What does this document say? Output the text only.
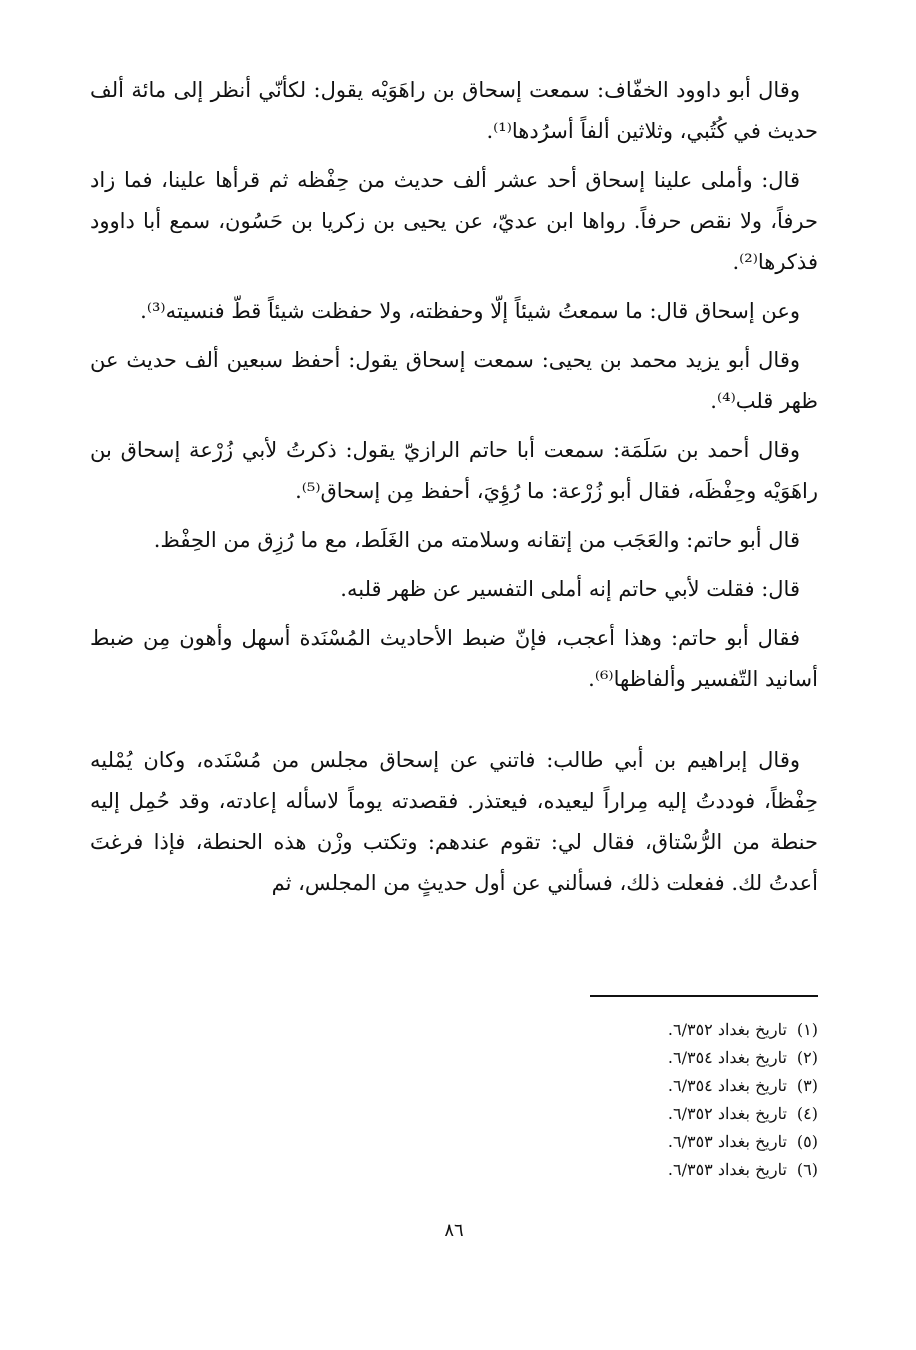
وقال أبو داوود الخفّاف: سمعت إسحاق بن راهَوَيْه يقول: لكأنّي أنظر إلى مائة ألف حديث في كُتُبي، وثلاثين ألفاً أسرُدها⁽¹⁾.

قال: وأملى علينا إسحاق أحد عشر ألف حديث من حِفْظه ثم قرأها علينا، فما زاد حرفاً، ولا نقص حرفاً. رواها ابن عديّ، عن يحيى بن زكريا بن حَسُون، سمع أبا داوود فذكرها⁽²⁾.

وعن إسحاق قال: ما سمعتُ شيئاً إلّا وحفظته، ولا حفظت شيئاً قطّ فنسيته⁽³⁾.

وقال أبو يزيد محمد بن يحيى: سمعت إسحاق يقول: أحفظ سبعين ألف حديث عن ظهر قلب⁽⁴⁾.

وقال أحمد بن سَلَمَة: سمعت أبا حاتم الرازيّ يقول: ذكرتُ لأبي زُرْعة إسحاق بن راهَوَيْه وحِفْظَه، فقال أبو زُرْعة: ما رُؤِيَ، أحفظ مِن إسحاق⁽⁵⁾.

قال أبو حاتم: والعَجَب من إتقانه وسلامته من الغَلَط، مع ما رُزِق من الحِفْظ.

قال: فقلت لأبي حاتم إنه أملى التفسير عن ظهر قلبه.

فقال أبو حاتم: وهذا أعجب، فإنّ ضبط الأحاديث المُسْنَدة أسهل وأهون مِن ضبط أسانيد التّفسير وألفاظها⁽⁶⁾.

وقال إبراهيم بن أبي طالب: فاتني عن إسحاق مجلس من مُسْنَده، وكان يُمْليه حِفْظاً، فوددتُ إليه مِراراً ليعيده، فيعتذر. فقصدته يوماً لاسأله إعادته، وقد حُمِل إليه حنطة من الرُّسْتاق، فقال لي: تقوم عندهم: وتكتب وزْن هذه الحنطة، فإذا فرغتَ أعدتُ لك. ففعلت ذلك، فسألني عن أول حديثٍ من المجلس، ثم

(١)تاريخ بغداد ٦/٣٥٢.
(٢)تاريخ بغداد ٦/٣٥٤.
(٣)تاريخ بغداد ٦/٣٥٤.
(٤)تاريخ بغداد ٦/٣٥٢.
(٥)تاريخ بغداد ٦/٣٥٣.
(٦)تاريخ بغداد ٦/٣٥٣.
٨٦
